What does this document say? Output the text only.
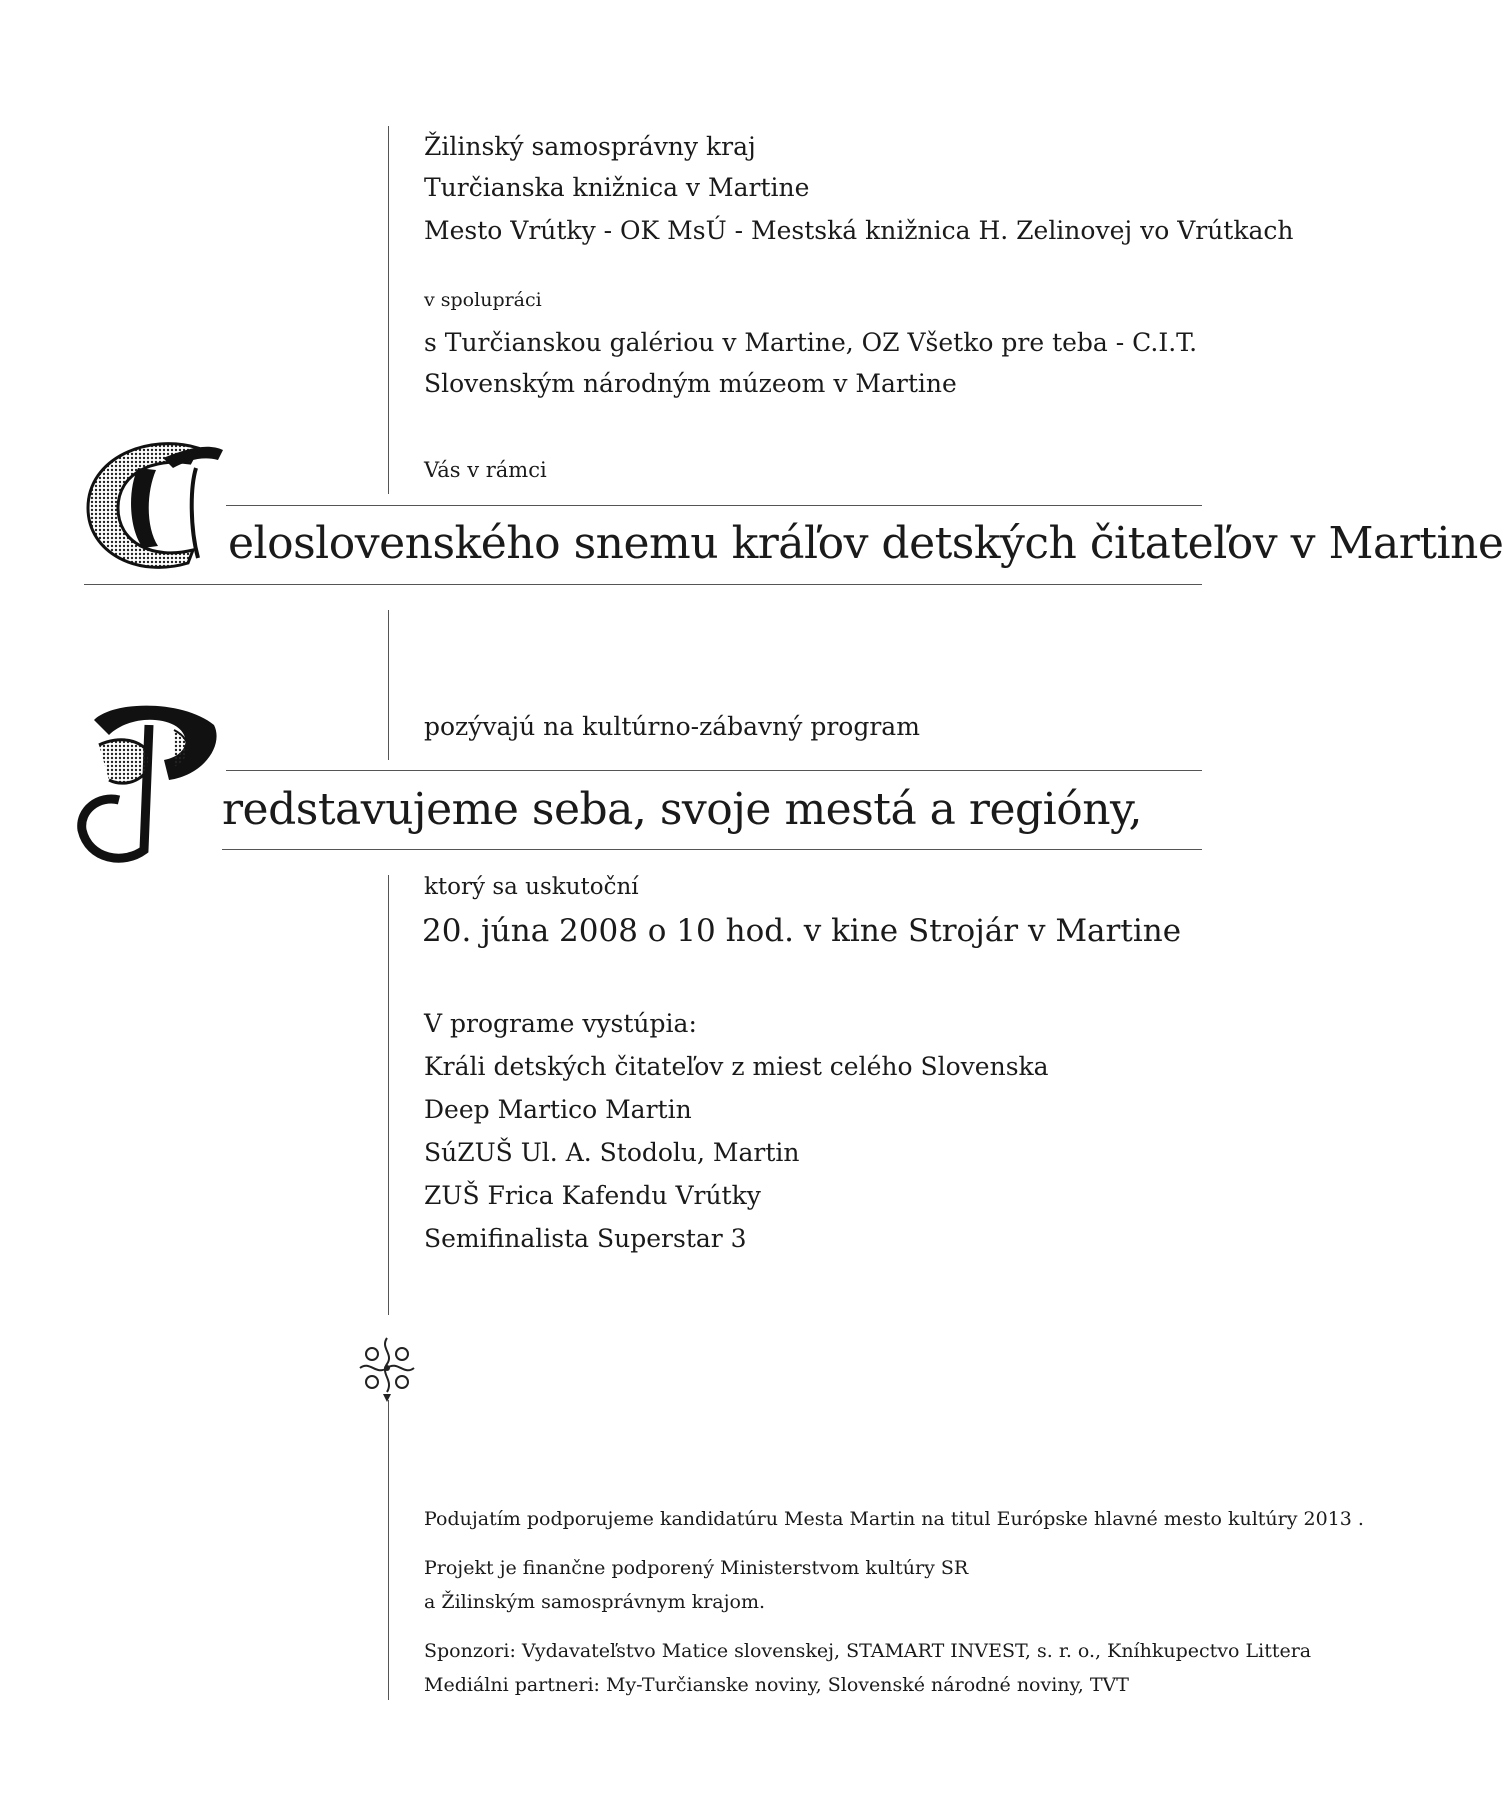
Žilinský samosprávny kraj
Turčianska knižnica v Martine
Mesto Vrútky - OK MsÚ - Mestská knižnica H. Zelinovej vo Vrútkach
v spolupráci
s Turčianskou galériou v Martine, OZ Všetko pre teba - C.I.T.
Slovenským národným múzeom v Martine
Vás v rámci
eloslovenského snemu kráľov detských čitateľov v Martine
pozývajú na kultúrno-zábavný program
redstavujeme seba, svoje mestá a regióny,
ktorý sa uskutoční
20. júna 2008 o 10 hod. v kine Strojár v Martine
V programe vystúpia:
Králi detských čitateľov z miest celého Slovenska
Deep Martico Martin
SúZUŠ Ul. A. Stodolu, Martin
ZUŠ Frica Kafendu Vrútky
Semifinalista Superstar 3
Podujatím podporujeme kandidatúru Mesta Martin na titul Európske hlavné mesto kultúry 2013 .
Projekt je finančne podporený Ministerstvom kultúry SR
a Žilinským samosprávnym krajom.
Sponzori: Vydavateľstvo Matice slovenskej, STAMART INVEST, s. r. o., Kníhkupectvo Littera
Mediálni partneri: My-Turčianske noviny, Slovenské národné noviny, TVT
